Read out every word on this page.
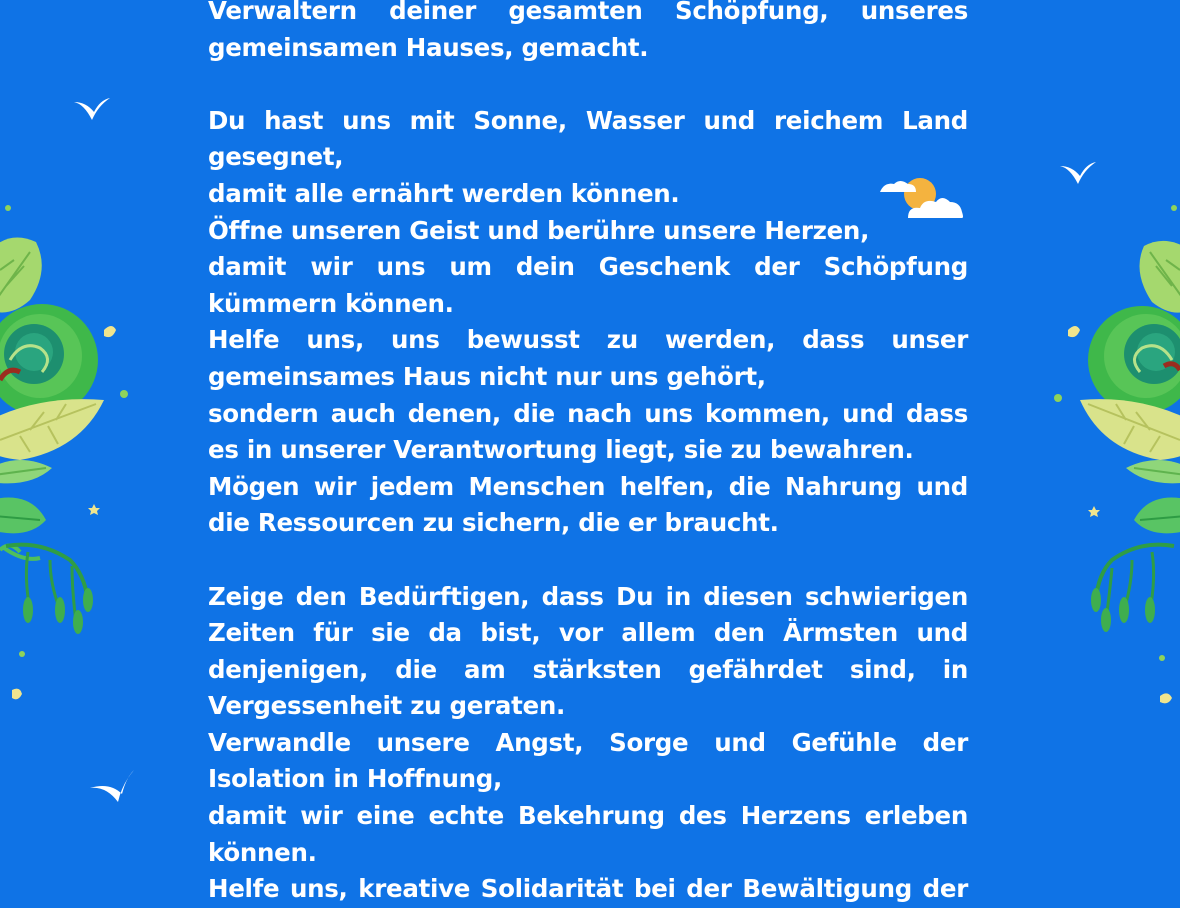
Verwaltern deiner gesamten Schöpfung, unseres gemeinsamen Hauses, gemacht.

Du hast uns mit Sonne, Wasser und reichem Land gesegnet,

damit alle ernährt werden können.

Öffne unseren Geist und berühre unsere Herzen,

damit wir uns um dein Geschenk der Schöpfung kümmern können.

Helfe uns, uns bewusst zu werden, dass unser gemeinsames Haus nicht nur uns gehört,

sondern auch denen, die nach uns kommen, und dass es in unserer Verantwortung liegt, sie zu bewahren.

Mögen wir jedem Menschen helfen, die Nahrung und die Ressourcen zu sichern, die er braucht.

Zeige den Bedürftigen, dass Du in diesen schwierigen Zeiten für sie da bist, vor allem den Ärmsten und denjenigen, die am stärksten gefährdet sind, in Vergessenheit zu geraten.

Verwandle unsere Angst, Sorge und Gefühle der Isolation in Hoffnung,

damit wir eine echte Bekehrung des Herzens erleben können.

Helfe uns, kreative Solidarität bei der Bewältigung der
